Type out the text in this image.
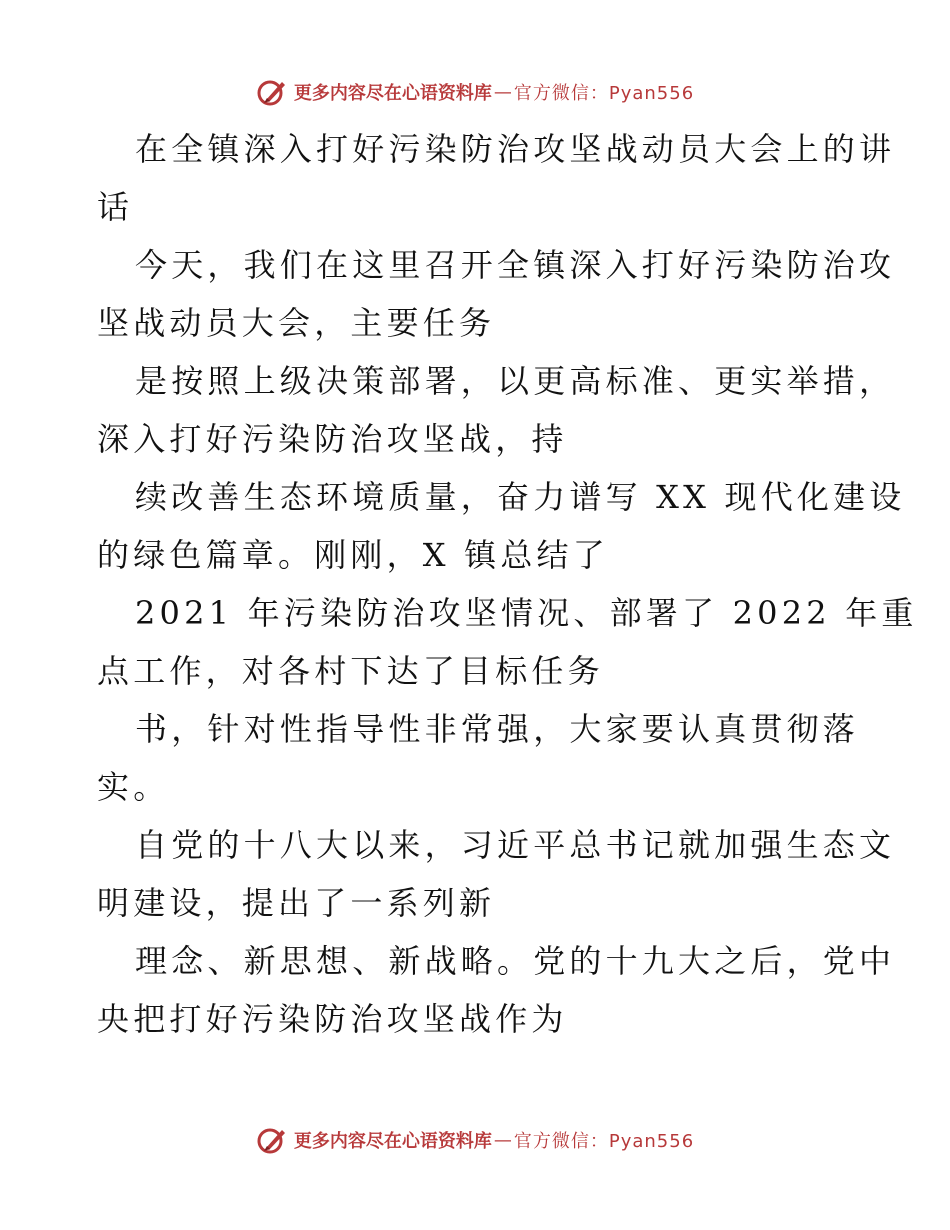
更多内容尽在心语资料库 — 官方微信：Pyan556
在全镇深入打好污染防治攻坚战动员大会上的讲
话
今天，我们在这里召开全镇深入打好污染防治攻
坚战动员大会，主要任务
是按照上级决策部署，以更高标准、更实举措，
深入打好污染防治攻坚战，持
续改善生态环境质量，奋力谱写 XX 现代化建设
的绿色篇章。刚刚，X 镇总结了
2021 年污染防治攻坚情况、部署了 2022 年重
点工作，对各村下达了目标任务
书，针对性指导性非常强，大家要认真贯彻落
实。
自党的十八大以来，习近平总书记就加强生态文
明建设，提出了一系列新
理念、新思想、新战略。党的十九大之后，党中
央把打好污染防治攻坚战作为
更多内容尽在心语资料库 — 官方微信：Pyan556
